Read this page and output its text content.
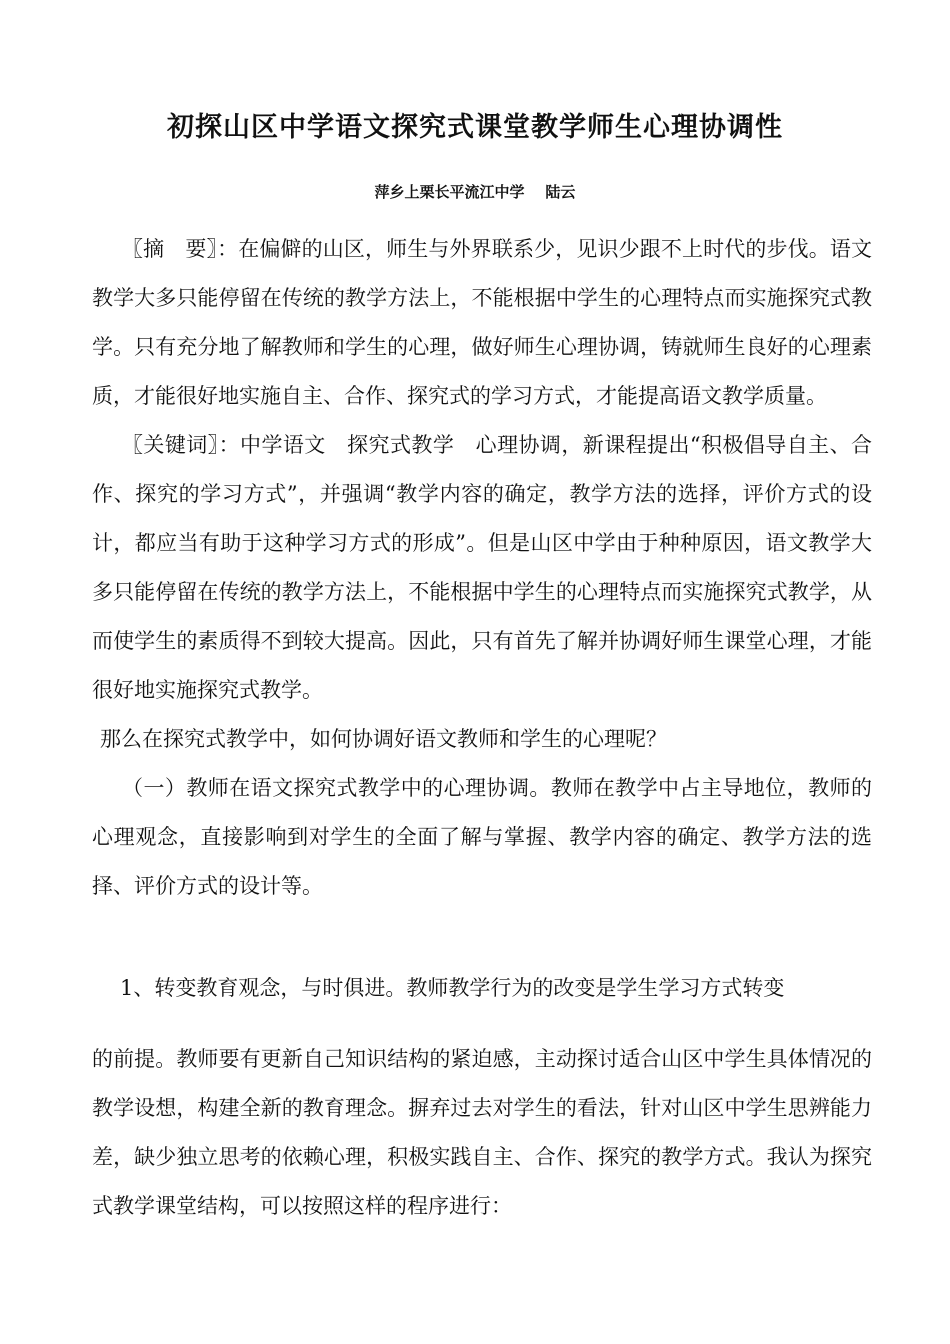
初探山区中学语文探究式课堂教学师生心理协调性
萍乡上栗长平流江中学    陆云

〖摘　要〗：在偏僻的山区，师生与外界联系少，见识少跟不上时代的步伐。语文教学大多只能停留在传统的教学方法上，不能根据中学生的心理特点而实施探究式教学。只有充分地了解教师和学生的心理，做好师生心理协调，铸就师生良好的心理素质，才能很好地实施自主、合作、探究式的学习方式，才能提高语文教学质量。

〖关键词〗：中学语文　探究式教学　心理协调，新课程提出“积极倡导自主、合作、探究的学习方式”，并强调“教学内容的确定，教学方法的选择，评价方式的设计，都应当有助于这种学习方式的形成”。但是山区中学由于种种原因，语文教学大多只能停留在传统的教学方法上，不能根据中学生的心理特点而实施探究式教学，从而使学生的素质得不到较大提高。因此，只有首先了解并协调好师生课堂心理，才能很好地实施探究式教学。

那么在探究式教学中，如何协调好语文教师和学生的心理呢？

（一）教师在语文探究式教学中的心理协调。教师在教学中占主导地位，教师的心理观念，直接影响到对学生的全面了解与掌握、教学内容的确定、教学方法的选择、评价方式的设计等。

1、转变教育观念，与时俱进。教师教学行为的改变是学生学习方式转变

的前提。教师要有更新自己知识结构的紧迫感，主动探讨适合山区中学生具体情况的教学设想，构建全新的教育理念。摒弃过去对学生的看法，针对山区中学生思辨能力差，缺少独立思考的依赖心理，积极实践自主、合作、探究的教学方式。我认为探究式教学课堂结构，可以按照这样的程序进行：
